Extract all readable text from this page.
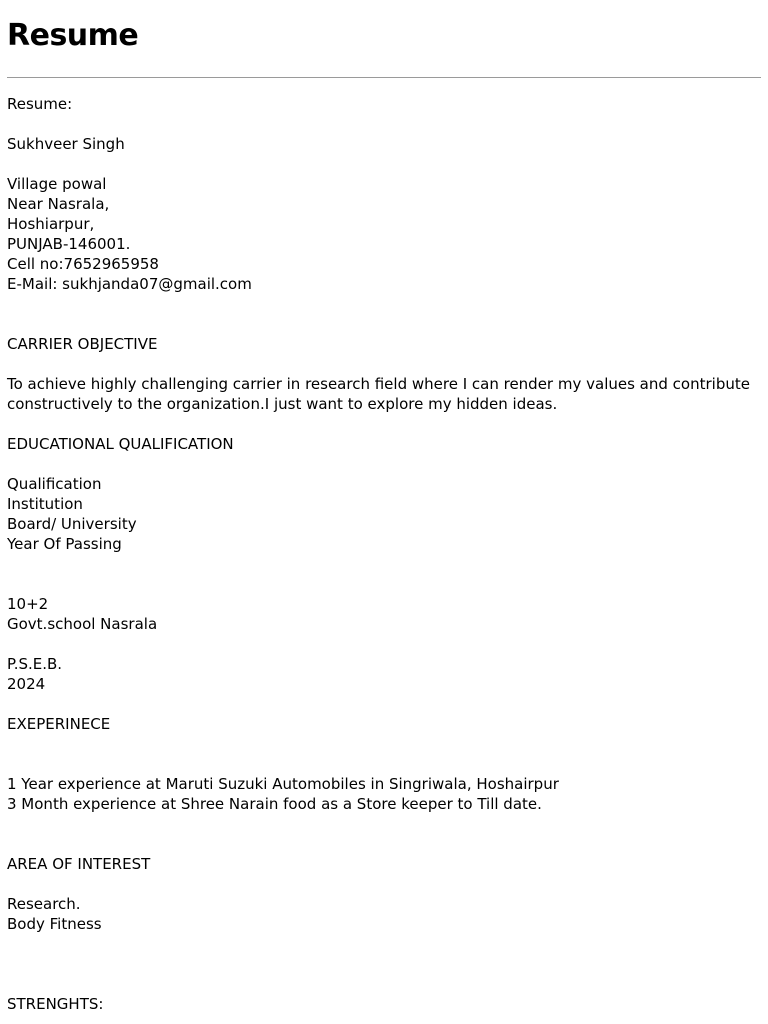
Resume

Resume:

Sukhveer Singh

Village powal

Near Nasrala,

Hoshiarpur,

PUNJAB-146001.

Cell no:7652965958

E-Mail: sukhjanda07@gmail.com

CARRIER OBJECTIVE

To achieve highly challenging carrier in research field where I can render my values and contribute constructively to the organization.I just want to explore my hidden ideas.

EDUCATIONAL QUALIFICATION

Qualification

Institution

Board/ University

Year Of Passing

10+2

Govt.school Nasrala

P.S.E.B.

2024

EXEPERINECE

1 Year experience at Maruti Suzuki Automobiles in Singriwala, Hoshairpur

3 Month experience at Shree Narain food as a Store keeper to Till date.

AREA OF INTEREST

Research.

Body Fitness

STRENGHTS:
